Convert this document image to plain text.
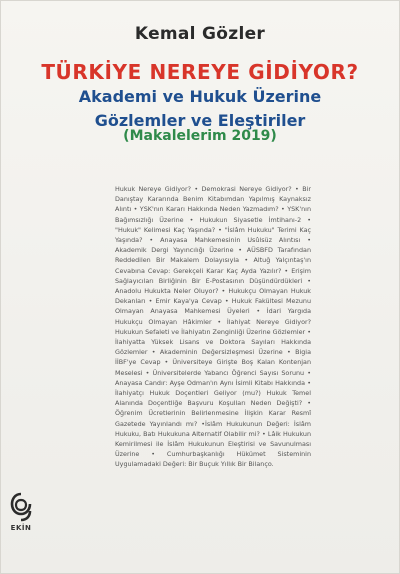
Kemal Gözler
TÜRKİYE NEREYE GİDİYOR?
Akademi ve Hukuk Üzerine
Gözlemler ve Eleştiriler
(Makalelerim 2019)
Hukuk Nereye Gidiyor? • Demokrasi Nereye Gidiyor? • Bir Danıştay Kararında Benim Kitabımdan Yapılmış Kaynaksız Alıntı • YSK'nın Kararı Hakkında Neden Yazmadım? • YSK'nın Bağımsızlığı Üzerine • Hukukun Siyasetle İmtihanı-2 • "Hukuk" Kelimesi Kaç Yaşında? • "İslâm Hukuku" Terimi Kaç Yaşında? • Anayasa Mahkemesinin Usûlsüz Alıntısı • Akademik Dergi Yayıncılığı Üzerine • AÜSBFD Tarafından Reddedilen Bir Makalem Dolayısıyla • Altuğ Yalçıntaş'ın Cevabına Cevap: Gerekçeli Karar Kaç Ayda Yazılır? • Erişim Sağlayıcıları Birliğinin Bir E-Postasının Düşündürdükleri • Anadolu Hukukta Neler Oluyor? • Hukukçu Olmayan Hukuk Dekanları • Emir Kaya'ya Cevap • Hukuk Fakültesi Mezunu Olmayan Anayasa Mahkemesi Üyeleri • İdari Yargıda Hukukçu Olmayan Hâkimler • İlahiyat Nereye Gidiyor? Hukukun Sefaleti ve İlahiyatın Zenginliği Üzerine Gözlemler • İlahiyatta Yüksek Lisans ve Doktora Sayıları Hakkında Gözlemler • Akademinin Değersizleşmesi Üzerine • Bigia İİBF'ye Cevap • Üniversiteye Girişte Boş Kalan Kontenjan Meselesi • Üniversitelerde Yabancı Öğrenci Sayısı Sorunu • Anayasa Candır: Ayşe Odman'ın Aynı İsimli Kitabı Hakkında • İlahiyatçı Hukuk Doçentleri Geliyor (mu?) Hukuk Temel Alanında Doçentliğe Başvuru Koşulları Neden Değişti? • Öğrenim Ücretlerinin Belirlenmesine İlişkin Karar Resmî Gazetede Yayınlandı mı? •İslâm Hukukunun Değeri: İslâm Hukuku, Batı Hukukuna Alternatif Olabilir mi? • Lâik Hukukun Kemirilmesi ile İslâm Hukukunun Eleştirisi ve Savunulması Üzerine • Cumhurbaşkanlığı Hükümet Sisteminin Uygulamadaki Değeri: Bir Buçuk Yıllık Bir Bilanço.
EKİN
